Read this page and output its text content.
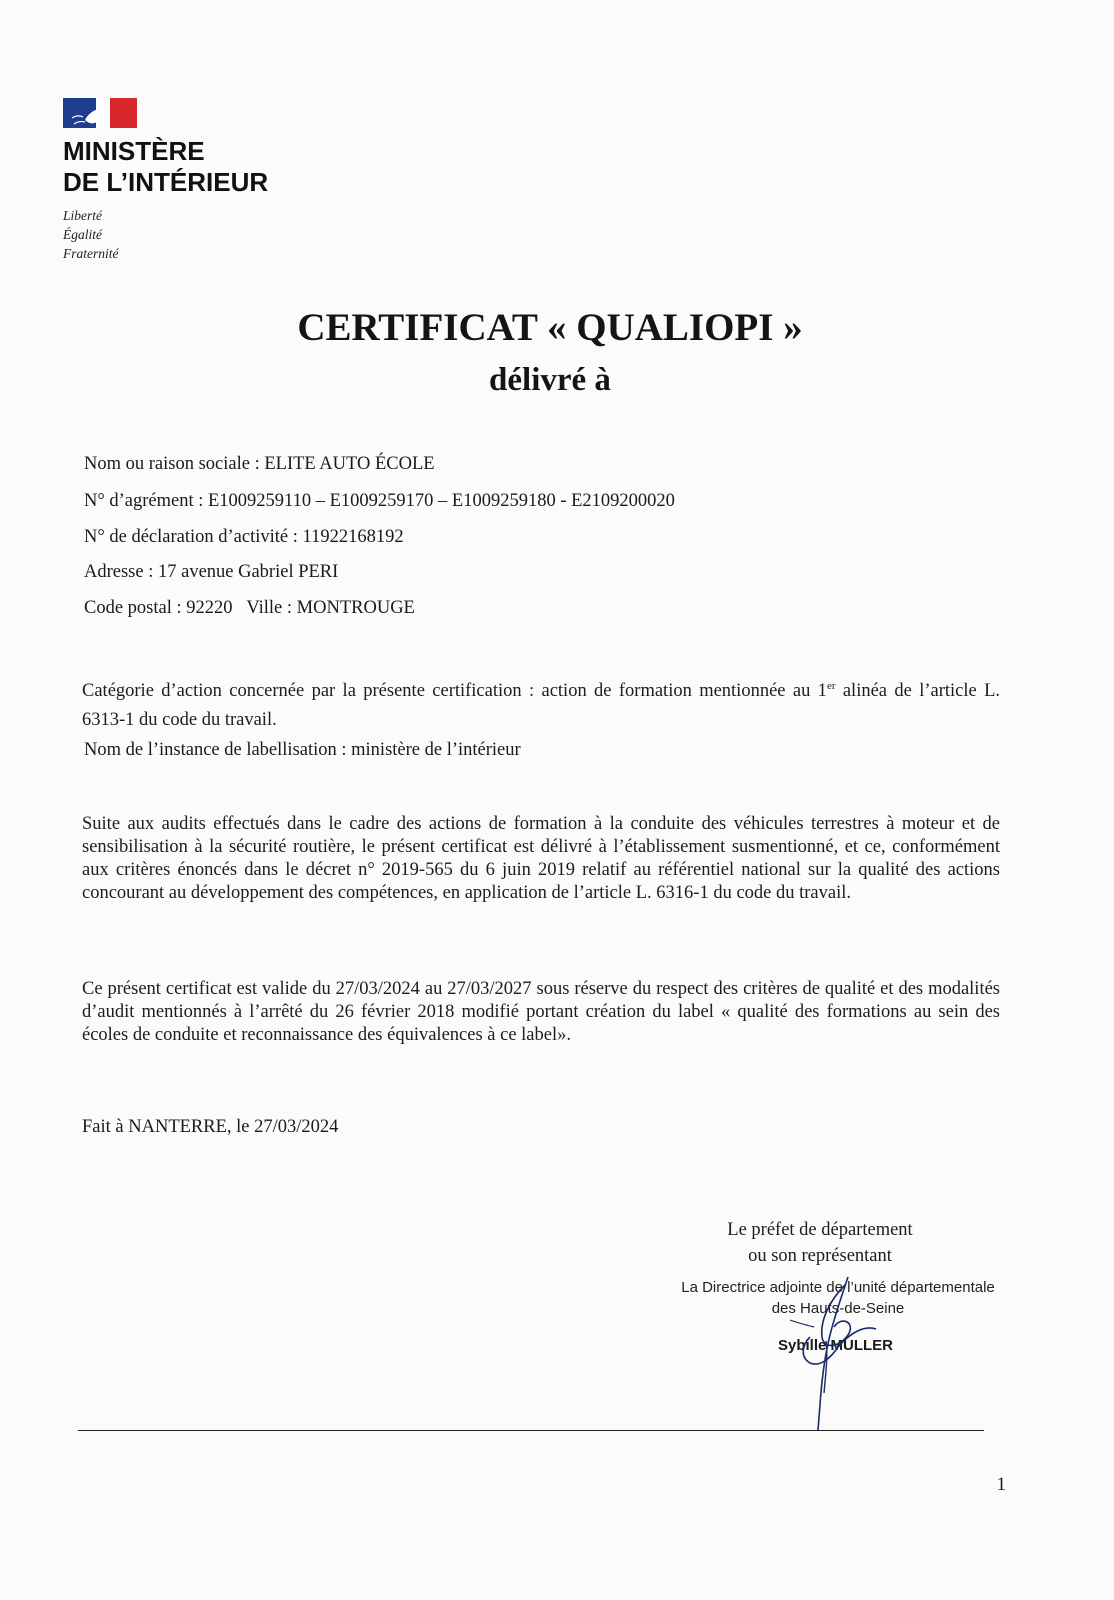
MINISTÈRE
DE L’INTÉRIEUR
Liberté
Égalité
Fraternité
CERTIFICAT « QUALIOPI »
délivré à
Nom ou raison sociale : ELITE AUTO ÉCOLE
N° d’agrément : E1009259110 – E1009259170 – E1009259180 - E2109200020
N° de déclaration d’activité : 11922168192
Adresse : 17 avenue Gabriel PERI
Code postal : 92220 Ville : MONTROUGE
Catégorie d’action concernée par la présente certification : action de formation mentionnée au 1er alinéa de l’article L. 6313-1 du code du travail.
Nom de l’instance de labellisation : ministère de l’intérieur
Suite aux audits effectués dans le cadre des actions de formation à la conduite des véhicules terrestres à moteur et de sensibilisation à la sécurité routière, le présent certificat est délivré à l’établissement susmentionné, et ce, conformément aux critères énoncés dans le décret n° 2019-565 du 6 juin 2019 relatif au référentiel national sur la qualité des actions concourant au développement des compétences, en application de l’article L. 6316-1 du code du travail.
Ce présent certificat est valide du 27/03/2024 au 27/03/2027 sous réserve du respect des critères de qualité et des modalités d’audit mentionnés à l’arrêté du 26 février 2018 modifié portant création du label « qualité des formations au sein des écoles de conduite et reconnaissance des équivalences à ce label».
Fait à NANTERRE, le 27/03/2024
Le préfet de département
ou son représentant
La Directrice adjointe de l’unité départementale
des Hauts-de-Seine
Sybille MULLER
1
